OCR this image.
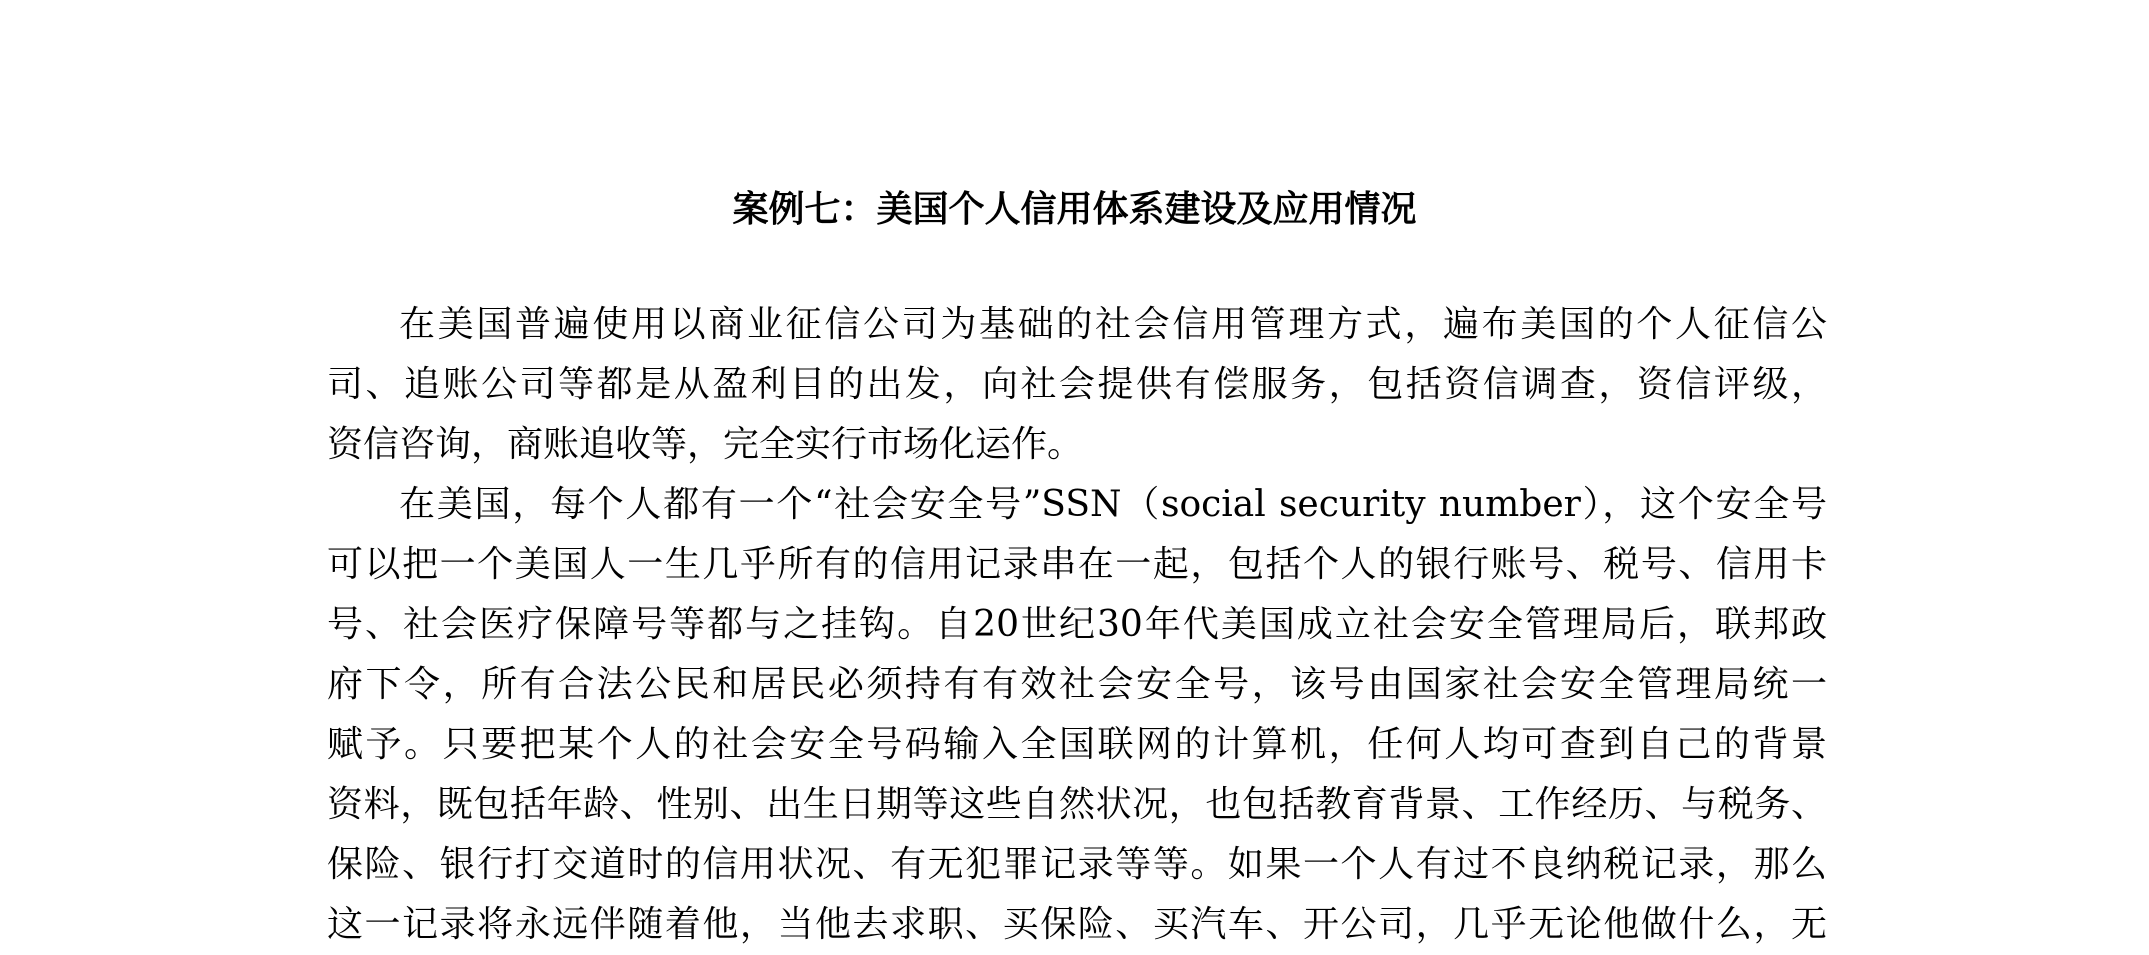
案例七：美国个人信用体系建设及应用情况
在美国普遍使用以商业征信公司为基础的社会信用管理方式，遍布美国的个人征信公
司、追账公司等都是从盈利目的出发，向社会提供有偿服务，包括资信调查，资信评级，
资信咨询，商账追收等，完全实行市场化运作。
在美国，每个人都有一个“社会安全号”SSN（social security number），这个安全号
可以把一个美国人一生几乎所有的信用记录串在一起，包括个人的银行账号、税号、信用卡
号、社会医疗保障号等都与之挂钩。自20世纪30年代美国成立社会安全管理局后，联邦政
府下令，所有合法公民和居民必须持有有效社会安全号，该号由国家社会安全管理局统一
赋予。只要把某个人的社会安全号码输入全国联网的计算机，任何人均可查到自己的背景
资料，既包括年龄、性别、出生日期等这些自然状况，也包括教育背景、工作经历、与税务、
保险、银行打交道时的信用状况、有无犯罪记录等等。如果一个人有过不良纳税记录，那么
这一记录将永远伴随着他，当他去求职、买保险、买汽车、开公司，几乎无论他做什么，无
